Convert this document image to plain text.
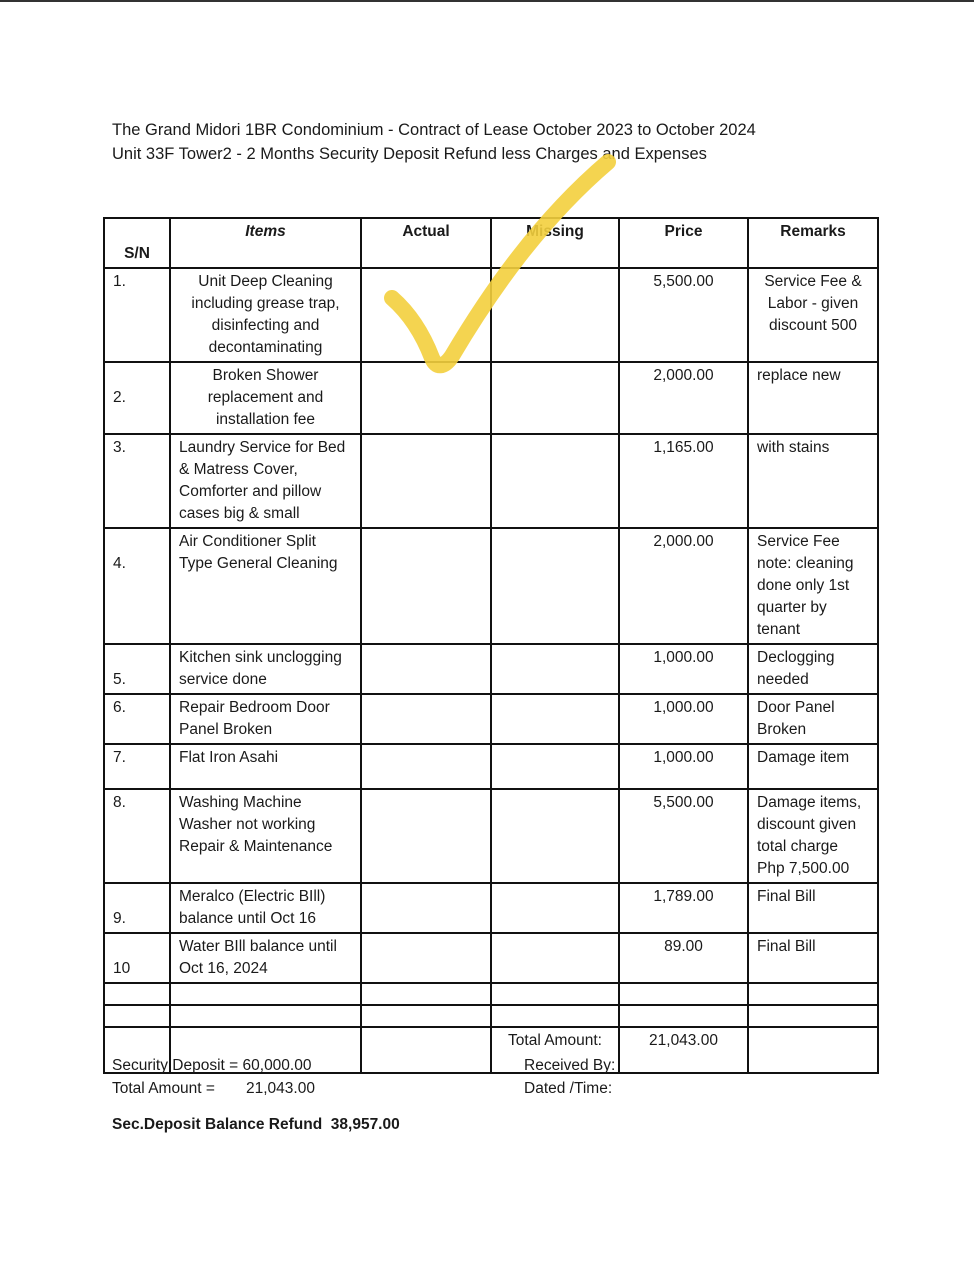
The Grand Midori 1BR Condominium - Contract of Lease October 2023 to October 2024
Unit 33F Tower2 - 2 Months Security Deposit Refund less Charges and Expenses
S/N	Items	Actual	Missing	Price	Remarks
1.	Unit Deep Cleaning including grease trap, disinfecting and decontaminating			5,500.00	Service Fee & Labor - given discount 500
2.	Broken Shower replacement and installation fee			2,000.00	replace new
3.	Laundry Service for Bed & Matress Cover, Comforter and pillow cases big & small			1,165.00	with stains
4.	Air Conditioner Split Type General Cleaning			2,000.00	Service Fee note: cleaning done only 1st quarter by tenant
5.	Kitchen sink unclogging service done			1,000.00	Declogging needed
6.	Repair Bedroom Door Panel Broken			1,000.00	Door Panel Broken
7.	Flat Iron Asahi			1,000.00	Damage item
8.	Washing Machine Washer not working Repair & Maintenance			5,500.00	Damage items, discount given total charge Php 7,500.00
9.	Meralco (Electric BIll) balance until Oct 16			1,789.00	Final Bill
10	Water BIll balance until Oct 16, 2024			89.00	Final Bill

			Total Amount:	21,043.00	
Security Deposit = 60,000.00
Total Amount = 21,043.00
Sec.Deposit Balance Refund  38,957.00
Received By:
Dated /Time:
